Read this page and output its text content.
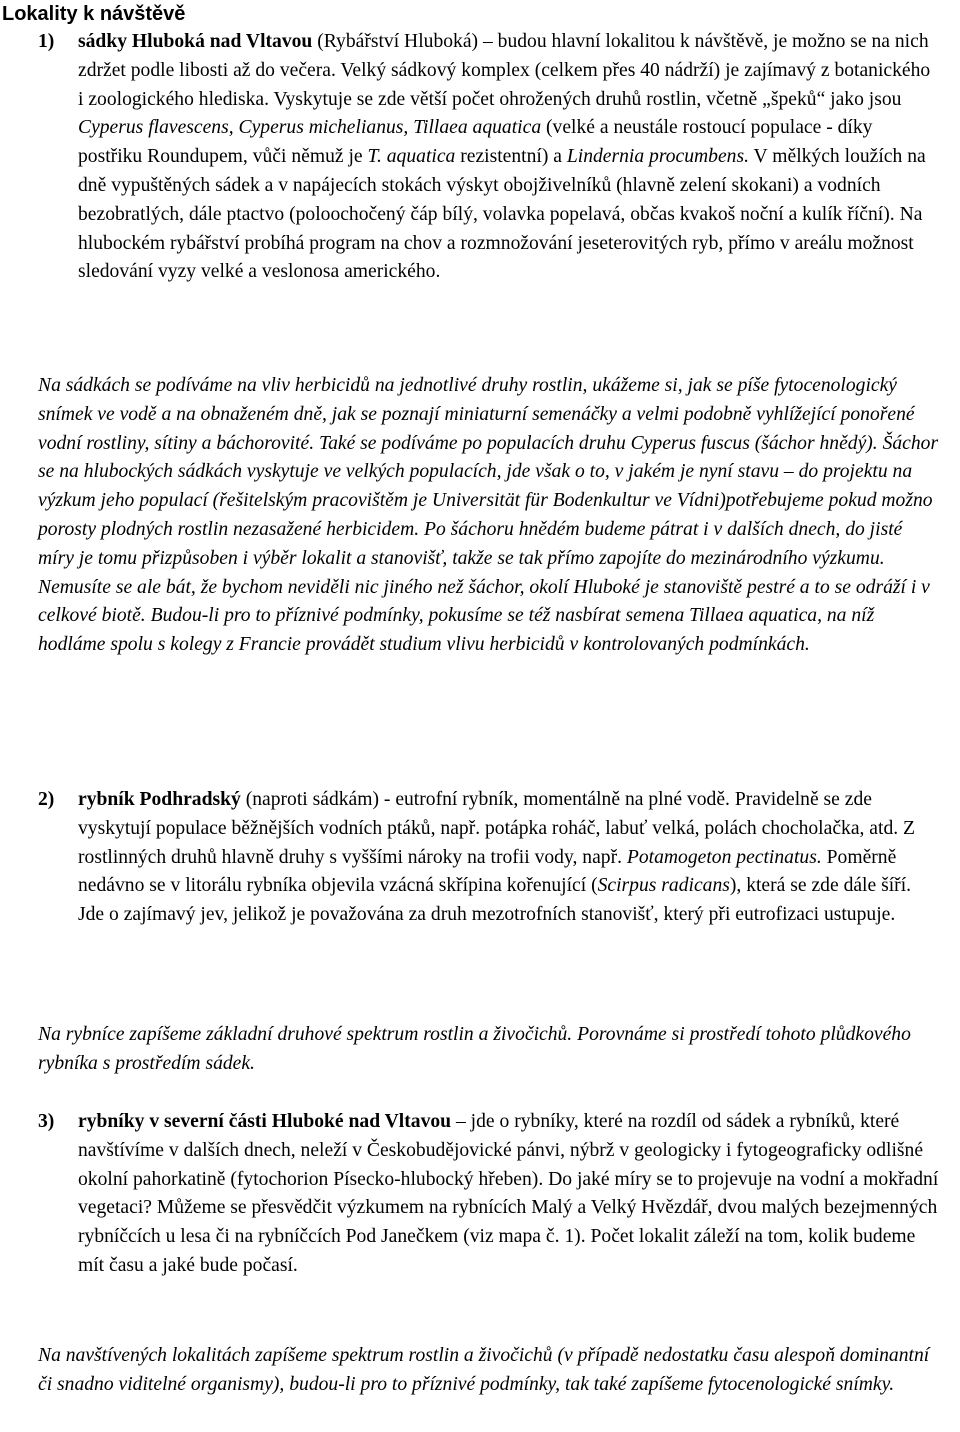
Lokality k návštěvě
1) sádky Hluboká nad Vltavou (Rybářství Hluboká) – budou hlavní lokalitou k návštěvě, je možno se na nich zdržet podle libosti až do večera. Velký sádkový komplex (celkem přes 40 nádrží) je zajímavý z botanického i zoologického hlediska. Vyskytuje se zde větší počet ohrožených druhů rostlin, včetně „špeků“ jako jsou Cyperus flavescens, Cyperus michelianus, Tillaea aquatica (velké a neustále rostoucí populace - díky postřiku Roundupem, vůči němuž je T. aquatica rezistentní) a Lindernia procumbens. V mělkých loužích na dně vypuštěných sádek a v napájecích stokách výskyt obojživelníků (hlavně zelení skokani) a vodních bezobratlých, dále ptactvo (poloochočený čáp bílý, volavka popelavá, občas kvakoš noční a kulík říční). Na hlubockém rybářství probíhá program na chov a rozmnožování jeseterovitých ryb, přímo v areálu možnost sledování vyzy velké a veslonosa amerického.
Na sádkách se podíváme na vliv herbicidů na jednotlivé druhy rostlin, ukážeme si, jak se píše fytocenologický snímek ve vodě a na obnaženém dně, jak se poznají miniaturní semenáčky a velmi podobně vyhlížející ponořené vodní rostliny, sítiny a báchorovité. Také se podíváme po populacích druhu Cyperus fuscus (šáchor hnědý). Šáchor se na hlubockých sádkách vyskytuje ve velkých populacích, jde však o to, v jakém je nyní stavu – do projektu na výzkum jeho populací (řešitelským pracovištěm je Universität für Bodenkultur ve Vídni)potřebujeme pokud možno porosty plodných rostlin nezasažené herbicidem. Po šáchoru hnědém budeme pátrat i v dalších dnech, do jisté míry je tomu přizpůsoben i výběr lokalit a stanovišť, takže se tak přímo zapojíte do mezinárodního výzkumu. Nemusíte se ale bát, že bychom neviděli nic jiného než šáchor, okolí Hluboké je stanoviště pestré a to se odráží i v celkové biotě. Budou-li pro to příznivé podmínky, pokusíme se též nasbírat semena Tillaea aquatica, na níž hodláme spolu s kolegy z Francie provádět studium vlivu herbicidů v kontrolovaných podmínkách.
2) rybník Podhradský (naproti sádkám) - eutrofní rybník, momentálně na plné vodě. Pravidelně se zde vyskytují populace běžnějších vodních ptáků, např. potápka roháč, labuť velká, polách chocholačka, atd. Z rostlinných druhů hlavně druhy s vyššími nároky na trofii vody, např. Potamogeton pectinatus. Poměrně nedávno se v litorálu rybníka objevila vzácná skřípina kořenující (Scirpus radicans), která se zde dále šíří. Jde o zajímavý jev, jelikož je považována za druh mezotrofních stanovišť, který při eutrofizaci ustupuje.
Na rybníce zapíšeme základní druhové spektrum rostlin a živočichů. Porovnáme si prostředí tohoto plůdkového rybníka s prostředím sádek.
3) rybníky v severní části Hluboké nad Vltavou – jde o rybníky, které na rozdíl od sádek a rybníků, které navštívíme v dalších dnech, neleží v Českobudějovické pánvi, nýbrž v geologicky i fytogeograficky odlišné okolní pahorkatině (fytochorion Písecko-hlubocký hřeben). Do jaké míry se to projevuje na vodní a mokřadní vegetaci? Můžeme se přesvědčit výzkumem na rybnících Malý a Velký Hvězdář, dvou malých bezejmenných rybníčcích u lesa či na rybníčcích Pod Janečkem (viz mapa č. 1). Počet lokalit záleží na tom, kolik budeme mít času a jaké bude počasí.
Na navštívených lokalitách zapíšeme spektrum rostlin a živočichů (v případě nedostatku času alespoň dominantní či snadno viditelné organismy), budou-li pro to příznivé podmínky, tak také zapíšeme fytocenologické snímky.
